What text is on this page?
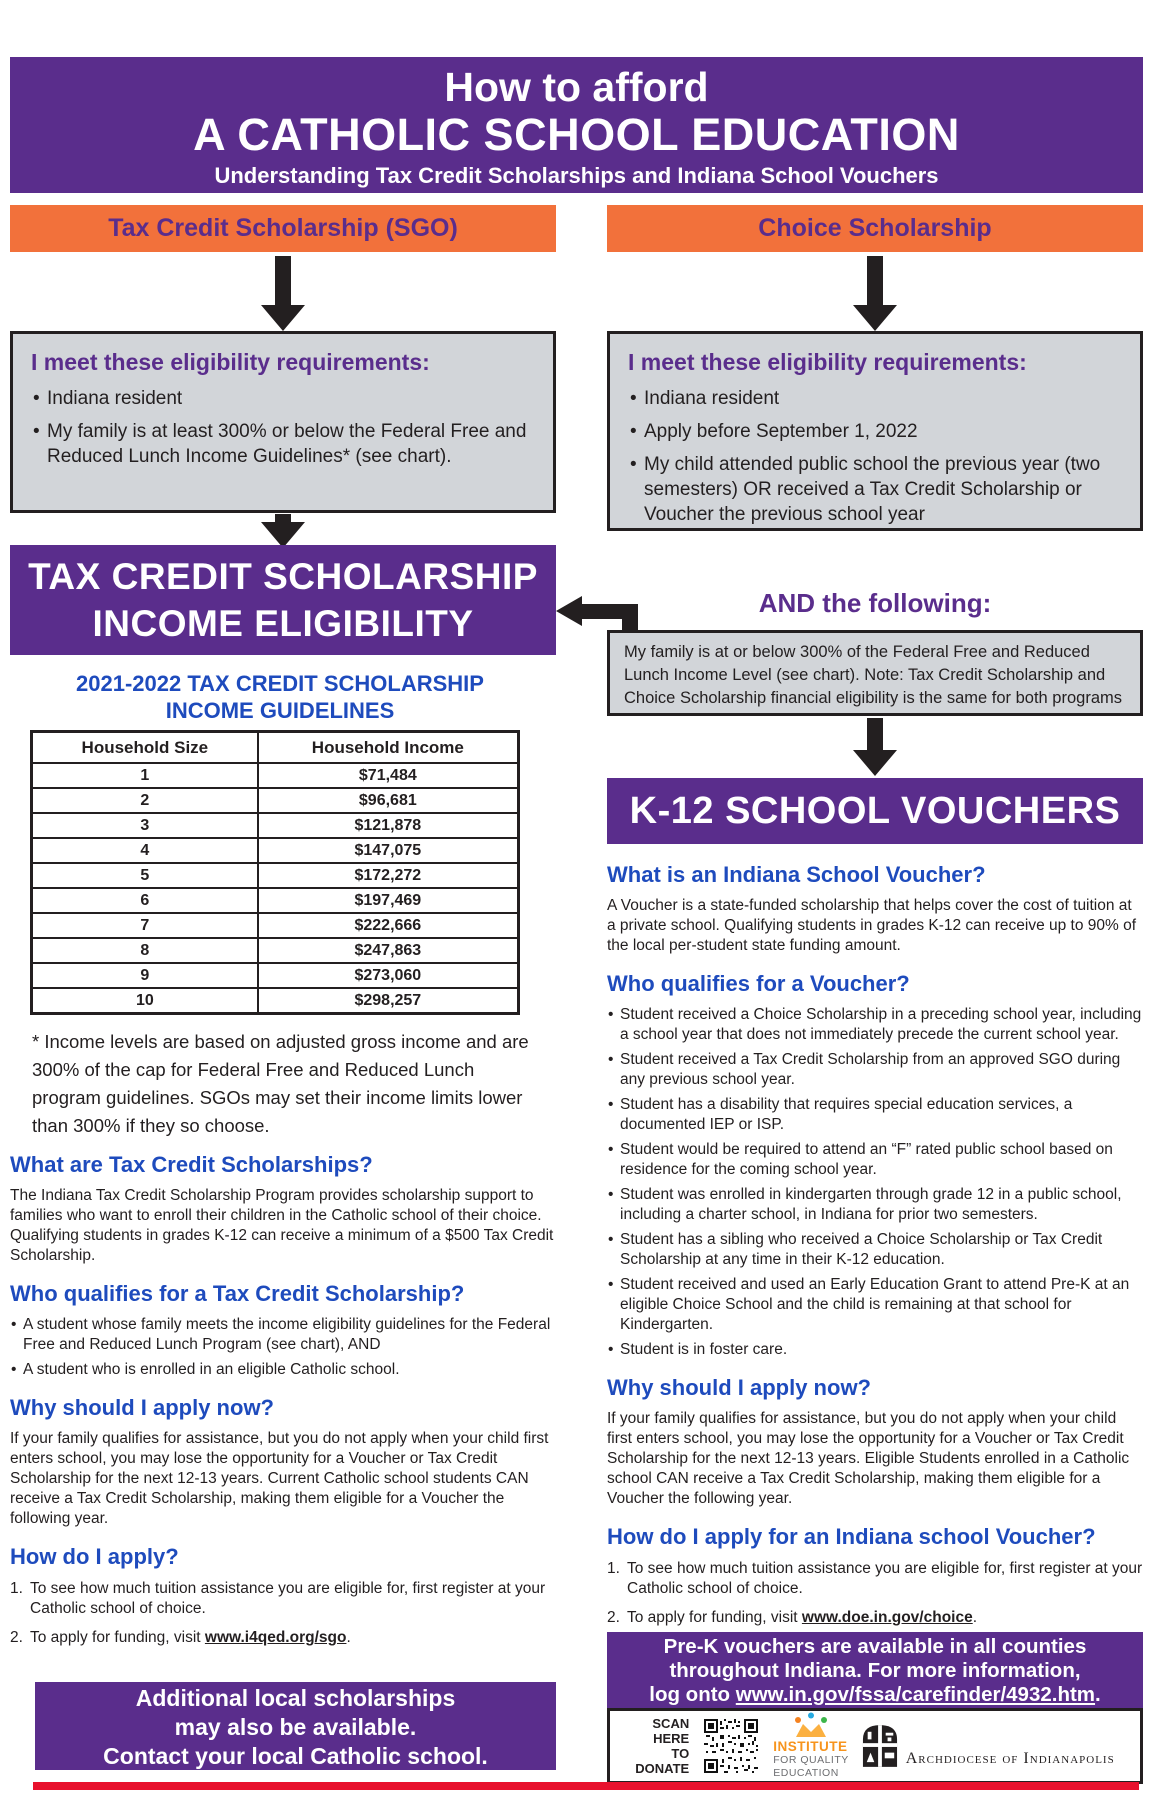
How to afford
A CATHOLIC SCHOOL EDUCATION
Understanding Tax Credit Scholarships and Indiana School Vouchers
Tax Credit Scholarship (SGO)	Choice Scholarship
I meet these eligibility requirements:
• Indiana resident
• My family is at least 300% or below the Federal Free and Reduced Lunch Income Guidelines* (see chart).
I meet these eligibility requirements:
• Indiana resident
• Apply before September 1, 2022
• My child attended public school the previous year (two semesters) OR received a Tax Credit Scholarship or Voucher the previous school year
TAX CREDIT SCHOLARSHIP
INCOME ELIGIBILITY	AND the following:
My family is at or below 300% of the Federal Free and Reduced Lunch Income Level (see chart). Note: Tax Credit Scholarship and Choice Scholarship financial eligibility is the same for both programs
2021-2022 TAX CREDIT SCHOLARSHIP
INCOME GUIDELINES
Household Size	Household Income
1	$71,484
2	$96,681
3	$121,878
4	$147,075
5	$172,272
6	$197,469
7	$222,666
8	$247,863
9	$273,060
10	$298,257
* Income levels are based on adjusted gross income and are 300% of the cap for Federal Free and Reduced Lunch program guidelines. SGOs may set their income limits lower than 300% if they so choose.
K-12 SCHOOL VOUCHERS
What are Tax Credit Scholarships?

The Indiana Tax Credit Scholarship Program provides scholarship support to families who want to enroll their children in the Catholic school of their choice. Qualifying students in grades K-12 can receive a minimum of a $500 Tax Credit Scholarship.

Who qualifies for a Tax Credit Scholarship?
• A student whose family meets the income eligibility guidelines for the Federal Free and Reduced Lunch Program (see chart), AND
• A student who is enrolled in an eligible Catholic school.
Why should I apply now?

If your family qualifies for assistance, but you do not apply when your child first enters school, you may lose the opportunity for a Voucher or Tax Credit Scholarship for the next 12-13 years. Current Catholic school students CAN receive a Tax Credit Scholarship, making them eligible for a Voucher the following year.

How do I apply?
1. To see how much tuition assistance you are eligible for, first register at your Catholic school of choice.
2. To apply for funding, visit www.i4qed.org/sgo.
What is an Indiana School Voucher?

A Voucher is a state-funded scholarship that helps cover the cost of tuition at a private school. Qualifying students in grades K-12 can receive up to 90% of the local per-student state funding amount.

Who qualifies for a Voucher?
• Student received a Choice Scholarship in a preceding school year, including a school year that does not immediately precede the current school year.
• Student received a Tax Credit Scholarship from an approved SGO during any previous school year.
• Student has a disability that requires special education services, a documented IEP or ISP.
• Student would be required to attend an “F” rated public school based on residence for the coming school year.
• Student was enrolled in kindergarten through grade 12 in a public school, including a charter school, in Indiana for prior two semesters.
• Student has a sibling who received a Choice Scholarship or Tax Credit Scholarship at any time in their K-12 education.
• Student received and used an Early Education Grant to attend Pre-K at an eligible Choice School and the child is remaining at that school for Kindergarten.
• Student is in foster care.
Why should I apply now?

If your family qualifies for assistance, but you do not apply when your child first enters school, you may lose the opportunity for a Voucher or Tax Credit Scholarship for the next 12-13 years. Eligible Students enrolled in a Catholic school CAN receive a Tax Credit Scholarship, making them eligible for a Voucher the following year.

How do I apply for an Indiana school Voucher?
1. To see how much tuition assistance you are eligible for, first register at your Catholic school of choice.
2. To apply for funding, visit www.doe.in.gov/choice.
Additional local scholarships
may also be available.
Contact your local Catholic school.
Pre-K vouchers are available in all counties
throughout Indiana. For more information,
log onto www.in.gov/fssa/carefinder/4932.htm.
SCAN
HERE
TO
DONATE
INSTITUTE
FOR QUALITY
EDUCATION
Archdiocese of Indianapolis
